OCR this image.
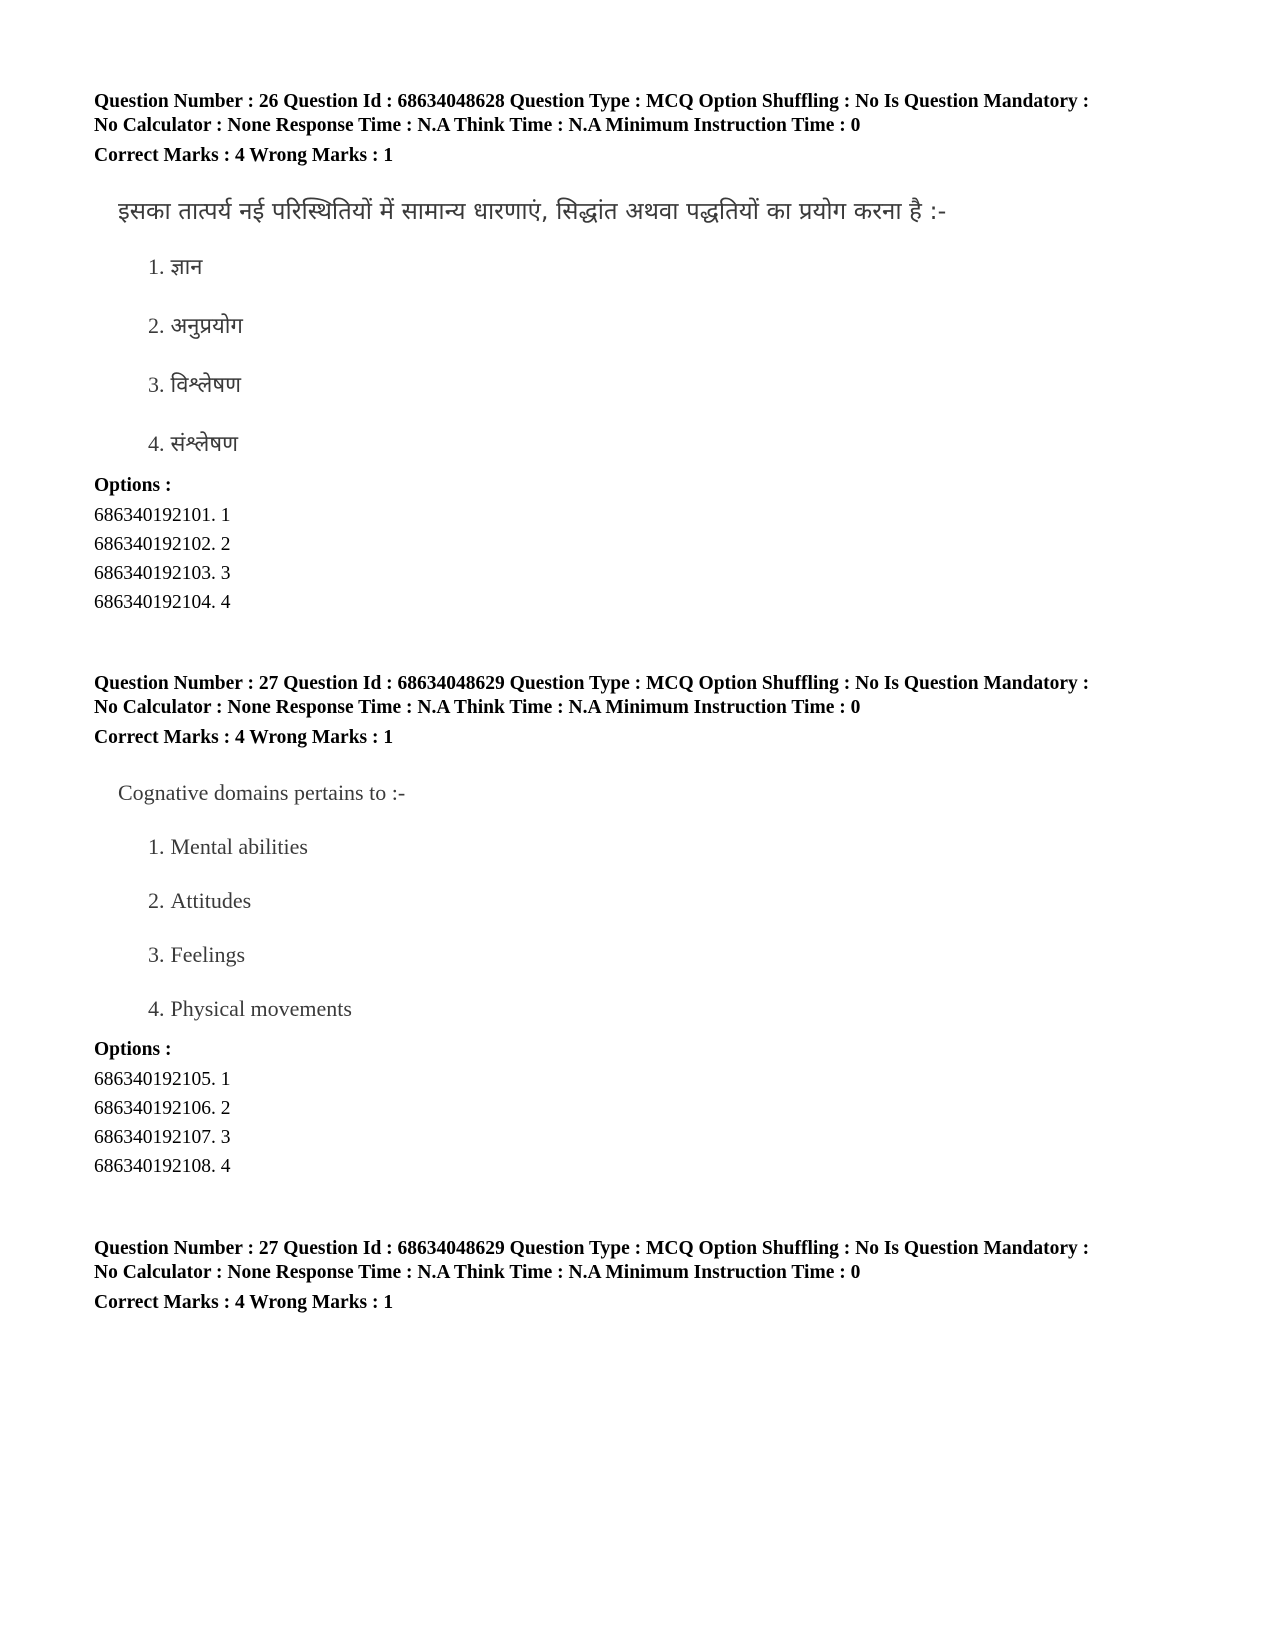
Question Number : 26 Question Id : 68634048628 Question Type : MCQ Option Shuffling : No Is Question Mandatory :

No Calculator : None Response Time : N.A Think Time : N.A Minimum Instruction Time : 0

Correct Marks : 4 Wrong Marks : 1

इसका तात्पर्य नई परिस्थितियों में सामान्य धारणाएं, सिद्धांत अथवा पद्धतियों का प्रयोग करना है :-

1. ज्ञान

2. अनुप्रयोग

3. विश्लेषण

4. संश्लेषण

Options :

686340192101. 1

686340192102. 2

686340192103. 3

686340192104. 4

Question Number : 27 Question Id : 68634048629 Question Type : MCQ Option Shuffling : No Is Question Mandatory :

No Calculator : None Response Time : N.A Think Time : N.A Minimum Instruction Time : 0

Correct Marks : 4 Wrong Marks : 1

Cognative domains pertains to :-

1. Mental abilities

2. Attitudes

3. Feelings

4. Physical movements

Options :

686340192105. 1

686340192106. 2

686340192107. 3

686340192108. 4

Question Number : 27 Question Id : 68634048629 Question Type : MCQ Option Shuffling : No Is Question Mandatory :

No Calculator : None Response Time : N.A Think Time : N.A Minimum Instruction Time : 0

Correct Marks : 4 Wrong Marks : 1
